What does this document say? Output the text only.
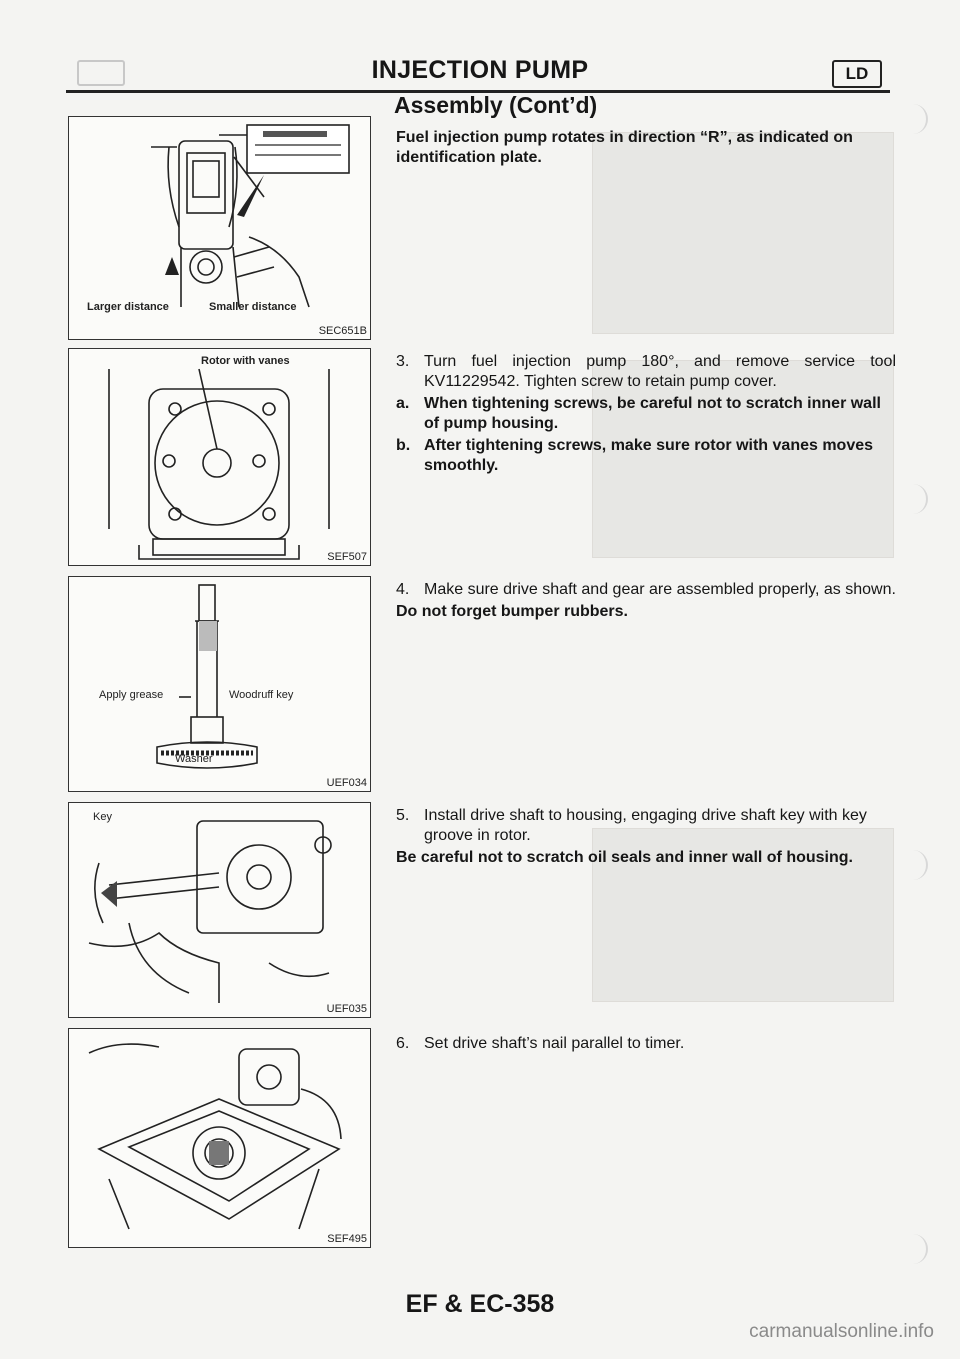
INJECTION PUMP	LD
Assembly (Cont’d)
Larger distance	Smaller distance
SEC651B
Rotor with vanes
SEF507
Apply grease	Woodruff key
Washer
UEF034
Key
UEF035
SEF495
Fuel injection pump rotates in direction “R”, as indicated on identification plate.
3. Turn fuel injection pump 180°, and remove service tool KV11229542. Tighten screw to retain pump cover.
a. When tightening screws, be careful not to scratch inner wall of pump housing.
b. After tightening screws, make sure rotor with vanes moves smoothly.
4. Make sure drive shaft and gear are assembled properly, as shown.
Do not forget bumper rubbers.
5. Install drive shaft to housing, engaging drive shaft key with key groove in rotor.
Be careful not to scratch oil seals and inner wall of housing.
6. Set drive shaft’s nail parallel to timer.
EF & EC-358
carmanualsonline.info
